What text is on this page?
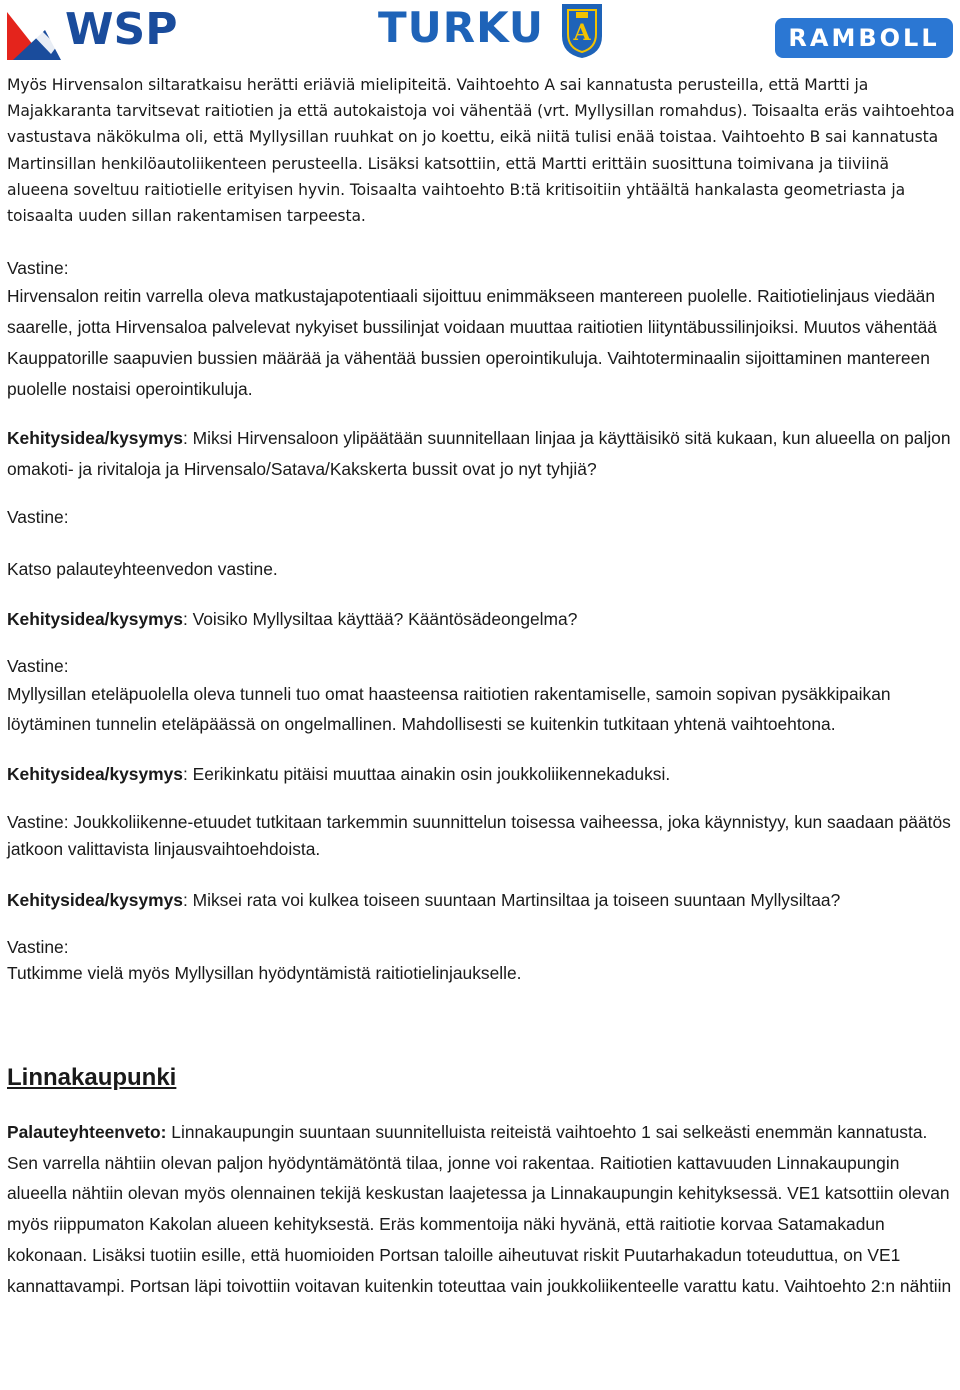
WSP	TURKU A	RAMBOLL

Myös Hirvensalon siltaratkaisu herätti eriäviä mielipiteitä. Vaihtoehto A sai kannatusta perusteilla, että Martti ja Majakkaranta tarvitsevat raitiotien ja että autokaistoja voi vähentää (vrt. Myllysillan romahdus). Toisaalta eräs vaihtoehtoa vastustava näkökulma oli, että Myllysillan ruuhkat on jo koettu, eikä niitä tulisi enää toistaa. Vaihtoehto B sai kannatusta Martinsillan henkilöautoliikenteen perusteella. Lisäksi katsottiin, että Martti erittäin suosittuna toimivana ja tiiviinä alueena soveltuu raitiotielle erityisen hyvin. Toisaalta vaihtoehto B:tä kritisoitiin yhtäältä hankalasta geometriasta ja toisaalta uuden sillan rakentamisen tarpeesta.

Vastine:

Hirvensalon reitin varrella oleva matkustajapotentiaali sijoittuu enimmäkseen mantereen puolelle. Raitiotielinjaus viedään saarelle, jotta Hirvensaloa palvelevat nykyiset bussilinjat voidaan muuttaa raitiotien liityntäbussilinjoiksi. Muutos vähentää Kauppatorille saapuvien bussien määrää ja vähentää bussien operointikuluja. Vaihtoterminaalin sijoittaminen mantereen puolelle nostaisi operointikuluja.

Kehitysidea/kysymys: Miksi Hirvensaloon ylipäätään suunnitellaan linjaa ja käyttäisikö sitä kukaan, kun alueella on paljon omakoti- ja rivitaloja ja Hirvensalo/Satava/Kakskerta bussit ovat jo nyt tyhjiä?

Vastine:

Katso palauteyhteenvedon vastine.

Kehitysidea/kysymys: Voisiko Myllysiltaa käyttää? Kääntösädeongelma?

Vastine:

Myllysillan eteläpuolella oleva tunneli tuo omat haasteensa raitiotien rakentamiselle, samoin sopivan pysäkkipaikan löytäminen tunnelin eteläpäässä on ongelmallinen. Mahdollisesti se kuitenkin tutkitaan yhtenä vaihtoehtona.

Kehitysidea/kysymys: Eerikinkatu pitäisi muuttaa ainakin osin joukkoliikennekaduksi.

Vastine: Joukkoliikenne-etuudet tutkitaan tarkemmin suunnittelun toisessa vaiheessa, joka käynnistyy, kun saadaan päätös jatkoon valittavista linjausvaihtoehdoista.

Kehitysidea/kysymys: Miksei rata voi kulkea toiseen suuntaan Martinsiltaa ja toiseen suuntaan Myllysiltaa?

Vastine:

Tutkimme vielä myös Myllysillan hyödyntämistä raitiotielinjaukselle.

Linnakaupunki

Palauteyhteenveto: Linnakaupungin suuntaan suunnitelluista reiteistä vaihtoehto 1 sai selkeästi enemmän kannatusta. Sen varrella nähtiin olevan paljon hyödyntämätöntä tilaa, jonne voi rakentaa. Raitiotien kattavuuden Linnakaupungin alueella nähtiin olevan myös olennainen tekijä keskustan laajetessa ja Linnakaupungin kehityksessä. VE1 katsottiin olevan myös riippumaton Kakolan alueen kehityksestä. Eräs kommentoija näki hyvänä, että raitiotie korvaa Satamakadun kokonaan. Lisäksi tuotiin esille, että huomioiden Portsan taloille aiheutuvat riskit Puutarhakadun toteuduttua, on VE1 kannattavampi. Portsan läpi toivottiin voitavan kuitenkin toteuttaa vain joukkoliikenteelle varattu katu. Vaihtoehto 2:n nähtiin
